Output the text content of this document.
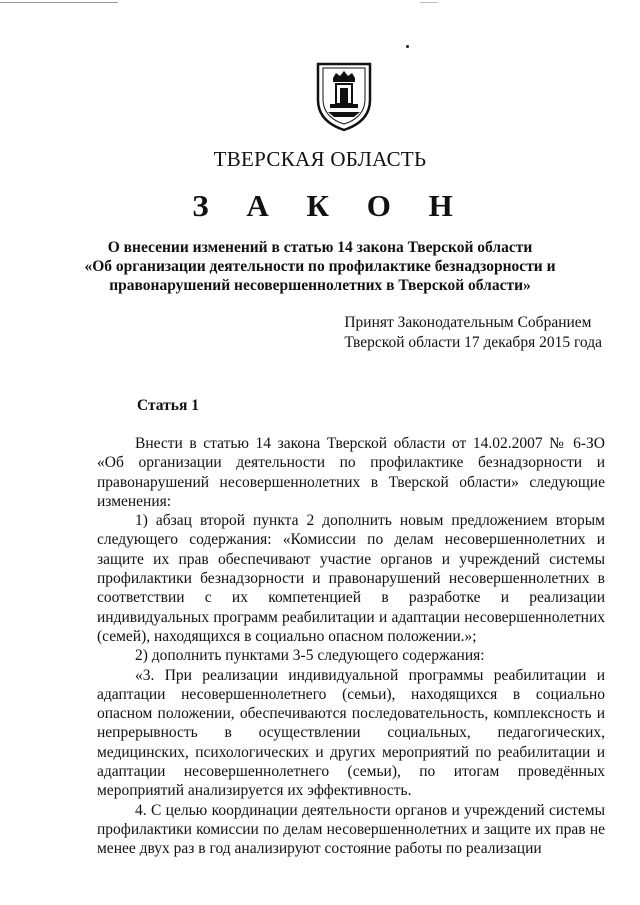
ТВЕРСКАЯ ОБЛАСТЬ
З А К О Н
О внесении изменений в статью 14 закона Тверской области
«Об организации деятельности по профилактике безнадзорности и
правонарушений несовершеннолетних в Тверской области»
Принят Законодательным Собранием
Тверской области 17 декабря 2015 года
Статья 1

Внести в статью 14 закона Тверской области от 14.02.2007 № 6-ЗО «Об организации деятельности по профилактике безнадзорности и правонарушений несовершеннолетних в Тверской области» следующие изменения:

1) абзац второй пункта 2 дополнить новым предложением вторым следующего содержания: «Комиссии по делам несовершеннолетних и защите их прав обеспечивают участие органов и учреждений системы профилактики безнадзорности и правонарушений несовершеннолетних в соответствии с их компетенцией в разработке и реализации индивидуальных программ реабилитации и адаптации несовершеннолетних (семей), находящихся в социально опасном положении.»;

2) дополнить пунктами 3-5 следующего содержания:

«3. При реализации индивидуальной программы реабилитации и адаптации несовершеннолетнего (семьи), находящихся в социально опасном положении, обеспечиваются последовательность, комплексность и непрерывность в осуществлении социальных, педагогических, медицинских, психологических и других мероприятий по реабилитации и адаптации несовершеннолетнего (семьи), по итогам проведённых мероприятий анализируется их эффективность.

4. С целью координации деятельности органов и учреждений системы профилактики комиссии по делам несовершеннолетних и защите их прав не менее двух раз в год анализируют состояние работы по реализации
